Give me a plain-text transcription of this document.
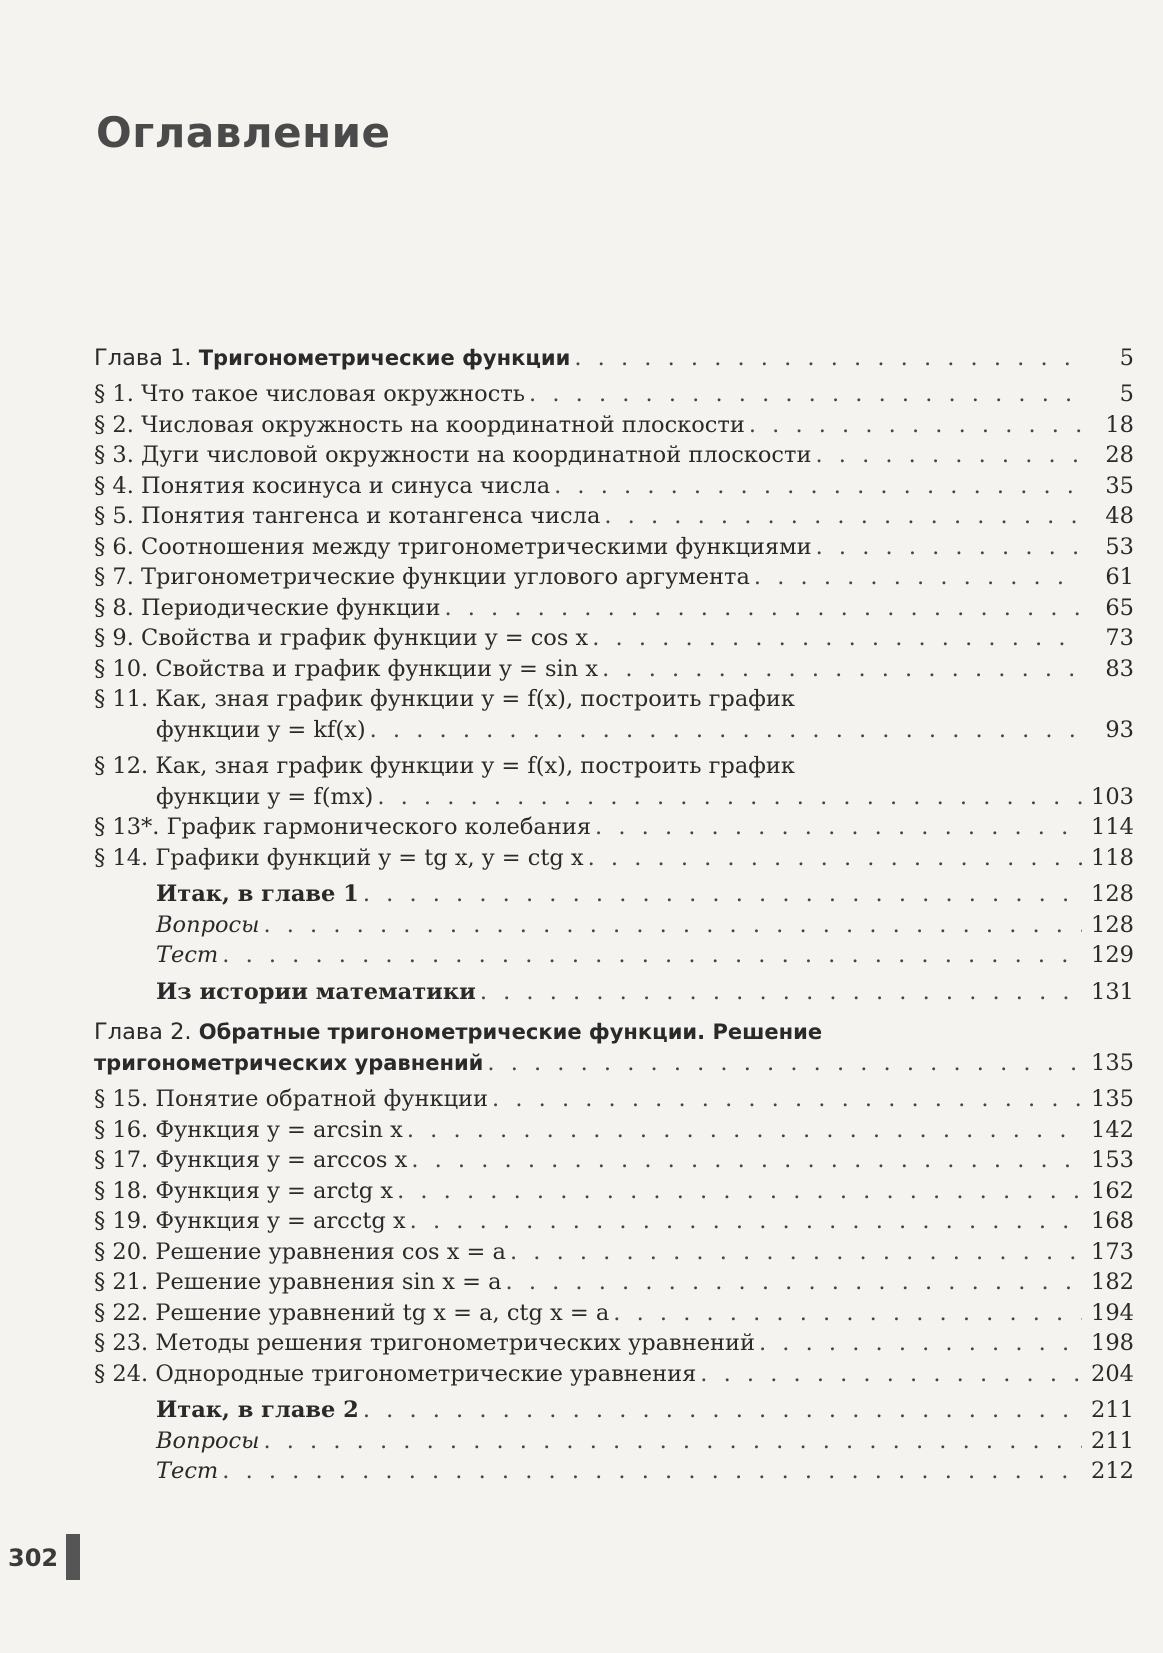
Оглавление
Глава 1. Тригонометрические функции . . .	5
§ 1. Что такое числовая окружность . . .	5
§ 2. Числовая окружность на координатной плоскости . . .	18
§ 3. Дуги числовой окружности на координатной плоскости . . .	28
§ 4. Понятия косинуса и синуса числа . . .	35
§ 5. Понятия тангенса и котангенса числа . . .	48
§ 6. Соотношения между тригонометрическими функциями . . .	53
§ 7. Тригонометрические функции углового аргумента . . .	61
§ 8. Периодические функции . . .	65
§ 9. Свойства и график функции y = cos x . . .	73
§ 10. Свойства и график функции y = sin x . . .	83
§ 11. Как, зная график функции y = f(x), построить график
функции y = kf(x) . . .	93
§ 12. Как, зная график функции y = f(x), построить график
функции y = f(mx) . . .	103
§ 13*. График гармонического колебания . . .	114
§ 14. Графики функций y = tg x, y = ctg x . . .	118
Итак, в главе 1 . . .	128
Вопросы . . .	128
Тест . . .	129
Из истории математики . . .	131
Глава 2. Обратные тригонометрические функции. Решение
тригонометрических уравнений . . .	135
§ 15. Понятие обратной функции . . .	135
§ 16. Функция y = arcsin x . . .	142
§ 17. Функция y = arccos x . . .	153
§ 18. Функция y = arctg x . . .	162
§ 19. Функция y = arcctg x . . .	168
§ 20. Решение уравнения cos x = a . . .	173
§ 21. Решение уравнения sin x = a . . .	182
§ 22. Решение уравнений tg x = a, ctg x = a . . .	194
§ 23. Методы решения тригонометрических уравнений . . .	198
§ 24. Однородные тригонометрические уравнения . . .	204
Итак, в главе 2 . . .	211
Вопросы . . .	211
Тест . . .	212
302
